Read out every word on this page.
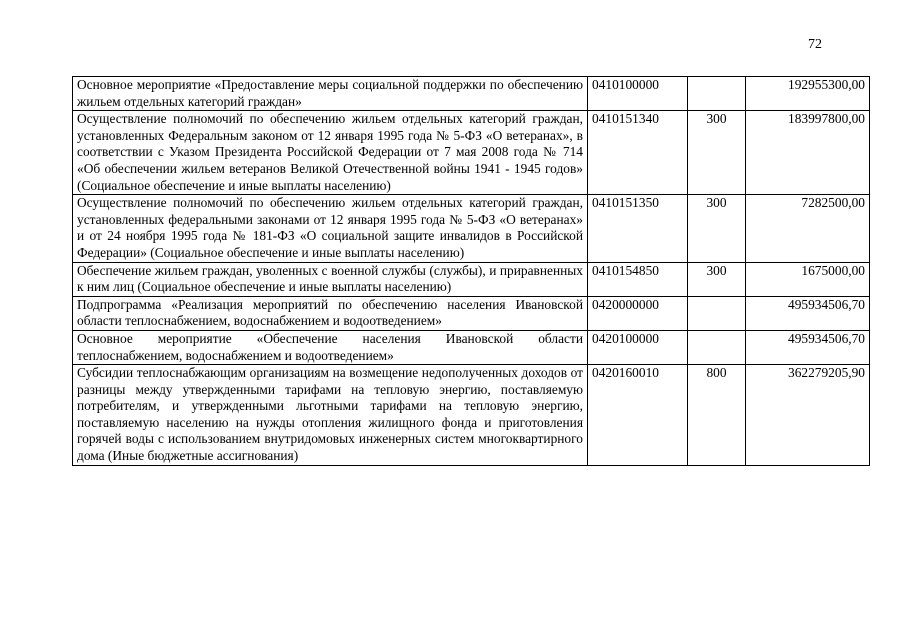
72
Основное мероприятие «Предоставление меры социальной поддержки по обеспечению жильем отдельных категорий граждан»	0410100000		192955300,00
Осуществление полномочий по обеспечению жильем отдельных категорий граждан, установленных Федеральным законом от 12 января 1995 года № 5-ФЗ «О ветеранах», в соответствии с Указом Президента Российской Федерации от 7 мая 2008 года № 714 «Об обеспечении жильем ветеранов Великой Отечественной войны 1941 - 1945 годов» (Социальное обеспечение и иные выплаты населению)	0410151340	300	183997800,00
Осуществление полномочий по обеспечению жильем отдельных категорий граждан, установленных федеральными законами от 12 января 1995 года № 5-ФЗ «О ветеранах» и от 24 ноября 1995 года № 181-ФЗ «О социальной защите инвалидов в Российской Федерации» (Социальное обеспечение и иные выплаты населению)	0410151350	300	7282500,00
Обеспечение жильем граждан, уволенных с военной службы (службы), и приравненных к ним лиц (Социальное обеспечение и иные выплаты населению)	0410154850	300	1675000,00
Подпрограмма «Реализация мероприятий по обеспечению населения Ивановской области теплоснабжением, водоснабжением и водоотведением»	0420000000		495934506,70
Основное мероприятие «Обеспечение населения Ивановской области теплоснабжением, водоснабжением и водоотведением»	0420100000		495934506,70
Субсидии теплоснабжающим организациям на возмещение недополученных доходов от разницы между утвержденными тарифами на тепловую энергию, поставляемую потребителям, и утвержденными льготными тарифами на тепловую энергию, поставляемую населению на нужды отопления жилищного фонда и приготовления горячей воды с использованием внутридомовых инженерных систем многоквартирного дома (Иные бюджетные ассигнования)	0420160010	800	362279205,90
